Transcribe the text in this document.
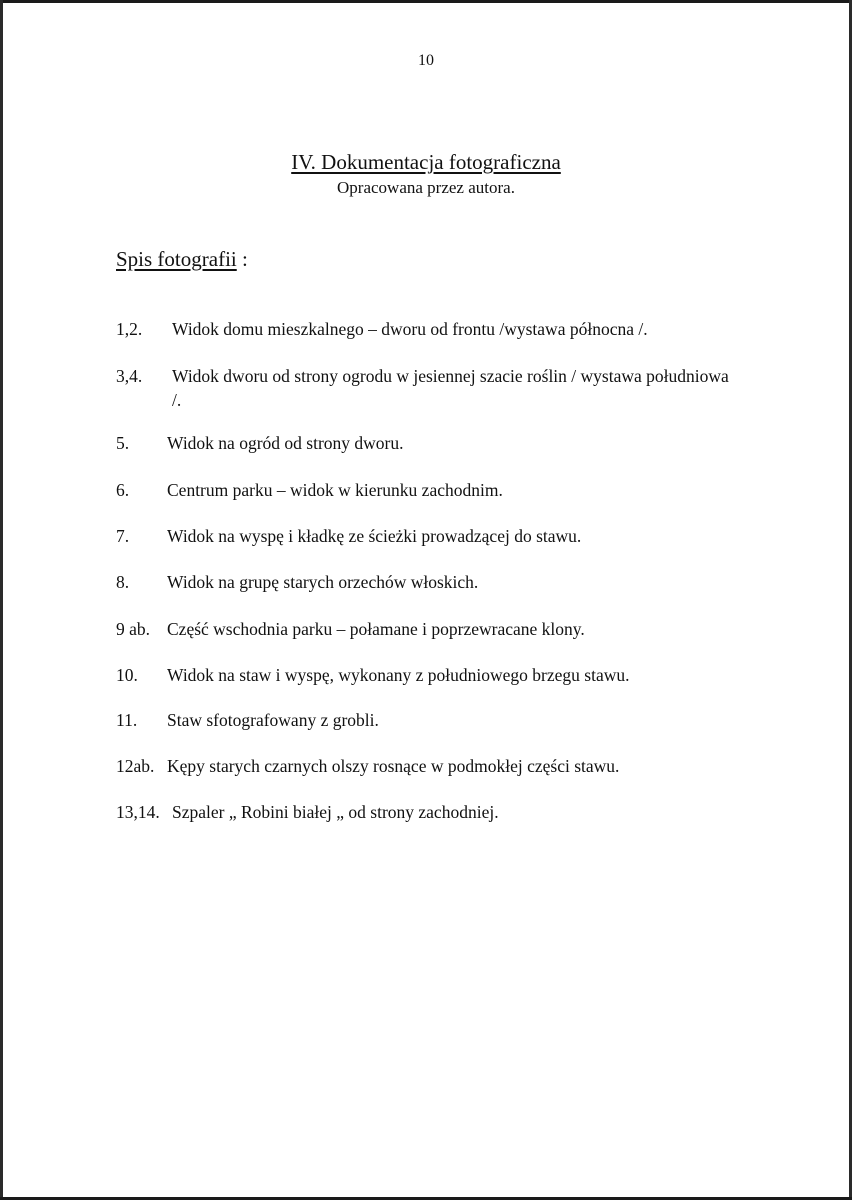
10
IV. Dokumentacja fotograficzna
Opracowana przez autora.
Spis fotografii :
1,2. Widok domu mieszkalnego – dworu od frontu /wystawa północna /.
3,4. Widok dworu od strony ogrodu w jesiennej szacie roślin / wystawa południowa /.
5. Widok na ogród od strony dworu.
6. Centrum parku – widok w kierunku zachodnim.
7. Widok na wyspę i kładkę ze ścieżki prowadzącej do stawu.
8. Widok na grupę starych orzechów włoskich.
9 ab. Część wschodnia parku – połamane i poprzewracane klony.
10. Widok na staw i wyspę, wykonany z południowego brzegu stawu.
11. Staw sfotografowany z grobli.
12ab. Kępy starych czarnych olszy rosnące w podmokłej części stawu.
13,14. Szpaler „ Robini białej „ od strony zachodniej.
